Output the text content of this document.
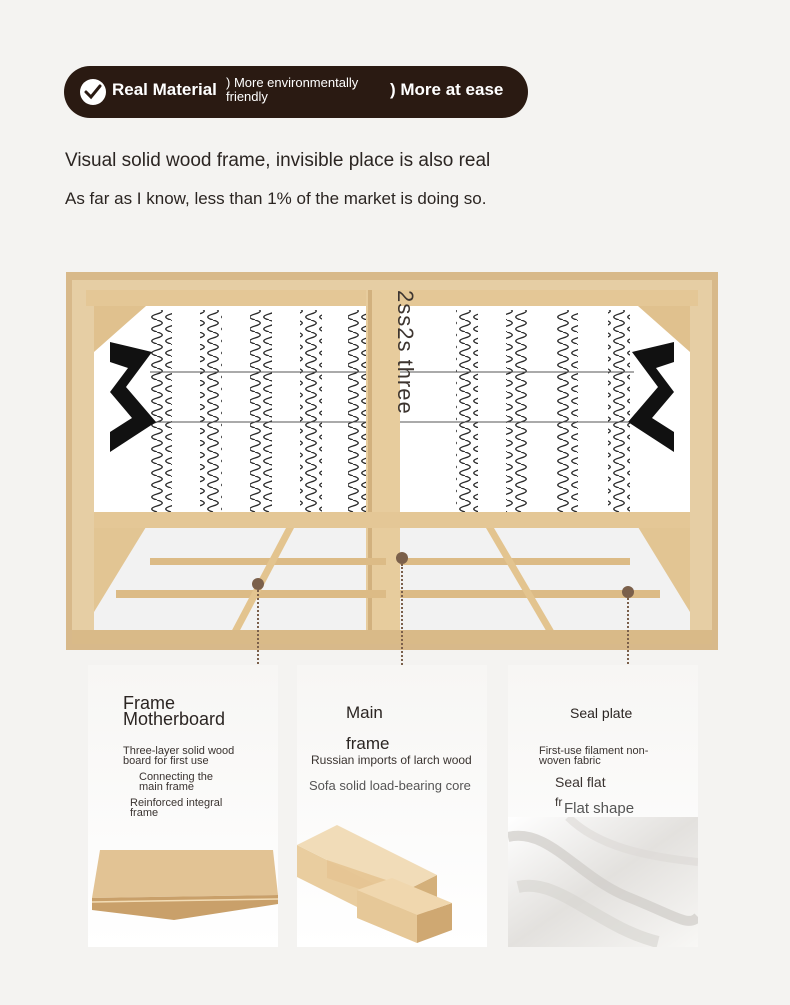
Real Material ) More environmentally friendly	) More at ease
Visual solid wood frame, invisible place is also real
As far as I know, less than 1% of the market is doing so.
2ss2s three
Frame Motherboard
Three-layer solid wood board for first use
Connecting the main frame
Reinforced integral frame
Main
frame
Russian imports of larch wood
Sofa solid load-bearing core
Seal plate
First-use filament non-woven fabric
Seal flat
fr Flat shape
